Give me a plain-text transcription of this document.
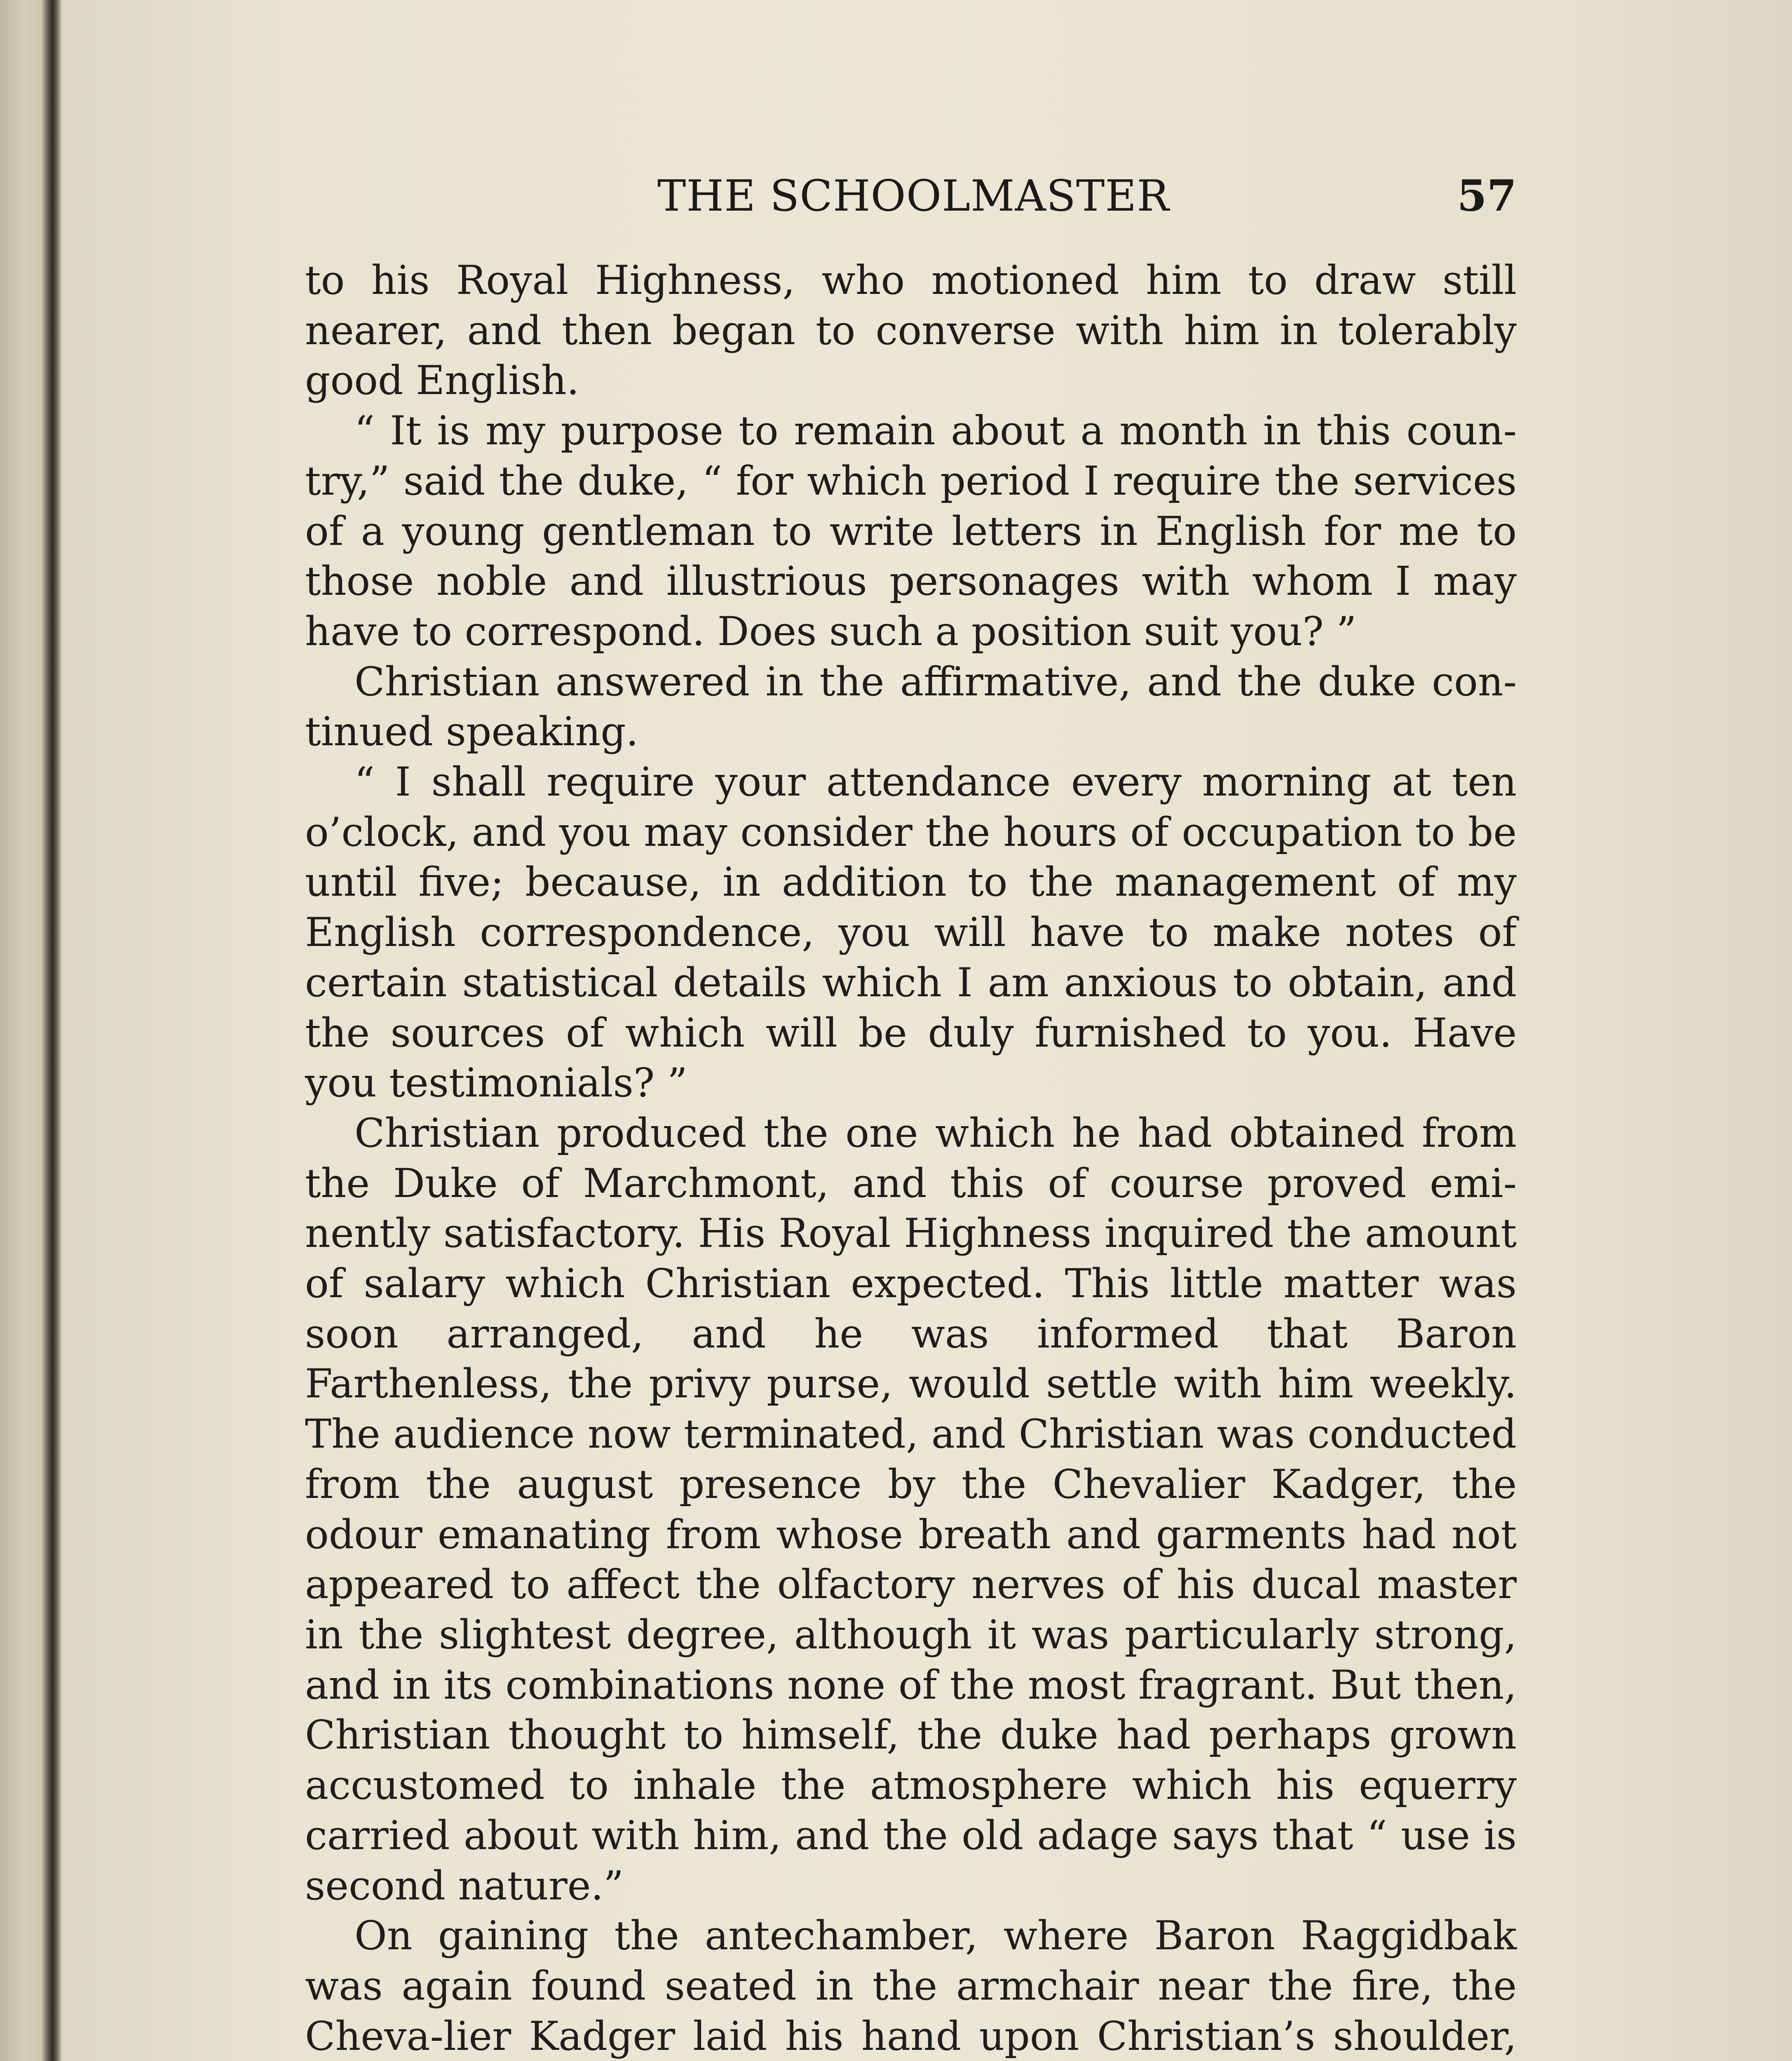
THE SCHOOLMASTER	57

to his Royal Highness, who motioned him to draw still nearer, and then began to converse with him in tolerably good English.

“ It is my purpose to remain about a month in this coun-try,” said the duke, “ for which period I require the services of a young gentleman to write letters in English for me to those noble and illustrious personages with whom I may have to correspond. Does such a position suit you? ”

Christian answered in the affirmative, and the duke con-tinued speaking.

“ I shall require your attendance every morning at ten o’clock, and you may consider the hours of occupation to be until five; because, in addition to the management of my English correspondence, you will have to make notes of certain statistical details which I am anxious to obtain, and the sources of which will be duly furnished to you. Have you testimonials? ”

Christian produced the one which he had obtained from the Duke of Marchmont, and this of course proved emi-nently satisfactory. His Royal Highness inquired the amount of salary which Christian expected. This little matter was soon arranged, and he was informed that Baron Farthenless, the privy purse, would settle with him weekly. The audience now terminated, and Christian was conducted from the august presence by the Chevalier Kadger, the odour emanating from whose breath and garments had not appeared to affect the olfactory nerves of his ducal master in the slightest degree, although it was particularly strong, and in its combinations none of the most fragrant. But then, Christian thought to himself, the duke had perhaps grown accustomed to inhale the atmosphere which his equerry carried about with him, and the old adage says that “ use is second nature.”

On gaining the antechamber, where Baron Raggidbak was again found seated in the armchair near the fire, the Cheva-lier Kadger laid his hand upon Christian’s shoulder,
